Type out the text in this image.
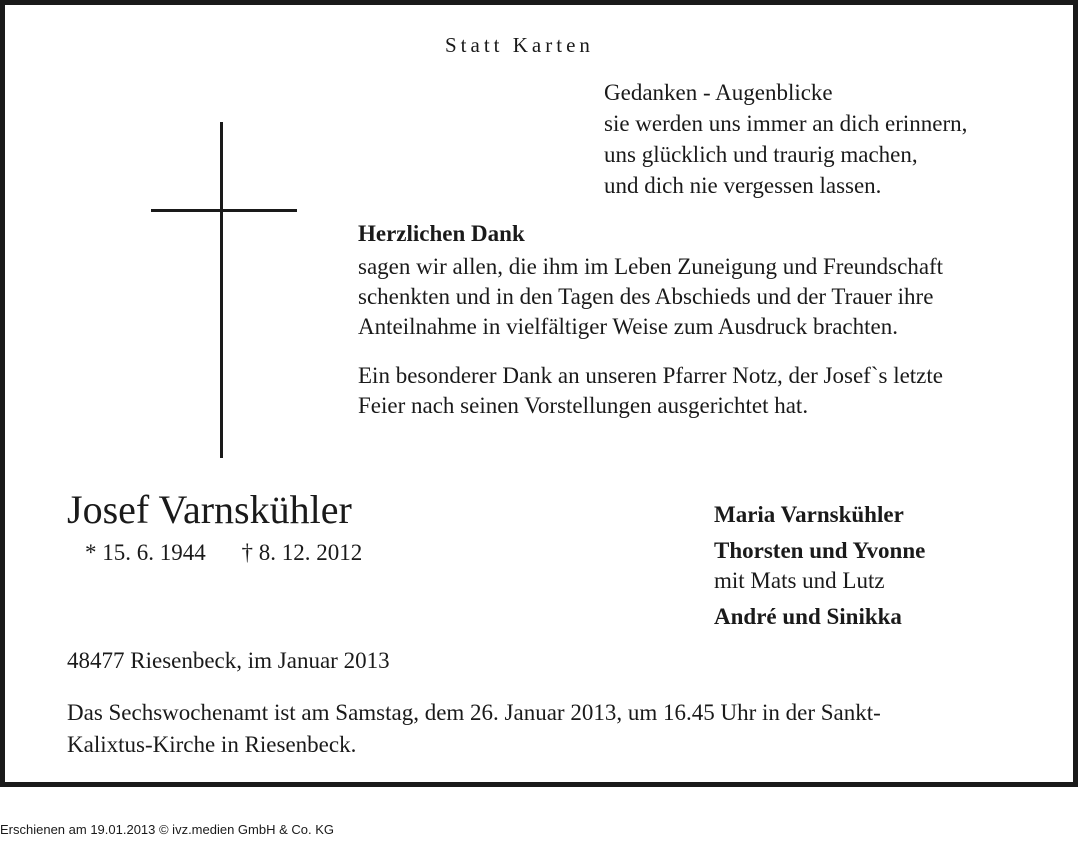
Statt Karten
Gedanken - Augenblicke
sie werden uns immer an dich erinnern,
uns glücklich und traurig machen,
und dich nie vergessen lassen.
Herzlichen Dank
sagen wir allen, die ihm im Leben Zuneigung und Freundschaft
schenkten und in den Tagen des Abschieds und der Trauer ihre
Anteilnahme in vielfältiger Weise zum Ausdruck brachten.
Ein besonderer Dank an unseren Pfarrer Notz, der Josef`s letzte
Feier nach seinen Vorstellungen ausgerichtet hat.
Josef Varnskühler
* 15. 6. 1944 † 8. 12. 2012
Maria Varnskühler
Thorsten und Yvonne
mit Mats und Lutz
André und Sinikka
48477 Riesenbeck, im Januar 2013
Das Sechswochenamt ist am Samstag, dem 26. Januar 2013, um 16.45 Uhr in der Sankt-
Kalixtus-Kirche in Riesenbeck.
Erschienen am 19.01.2013 © ivz.medien GmbH & Co. KG
